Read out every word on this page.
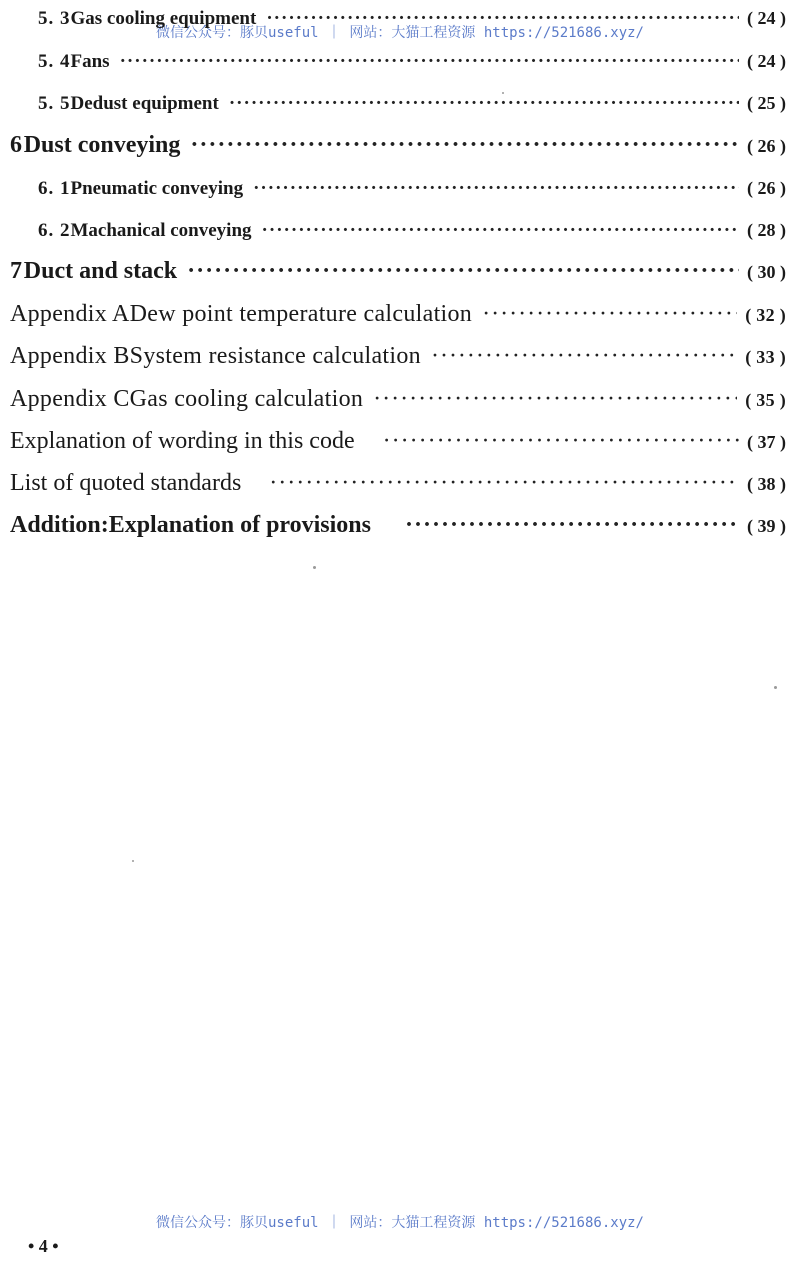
微信公众号：豚贝useful ｜ 网站：大猫工程资源 https://521686.xyz/
5. 3 Gas cooling equipment ·····	( 24 )
5. 4 Fans ·····	( 24 )
5. 5 Dedust equipment ·····	( 25 )
6 Dust conveying ·····	( 26 )
6. 1 Pneumatic conveying ·····	( 26 )
6. 2 Machanical conveying ·····	( 28 )
7 Duct and stack ·····	( 30 )
Appendix A Dew point temperature calculation ·····	( 32 )
Appendix B System resistance calculation ·····	( 33 )
Appendix C Gas cooling calculation ·····	( 35 )
Explanation of wording in this code ·····	( 37 )
List of quoted standards ·····	( 38 )
Addition:Explanation of provisions ·····	( 39 )
微信公众号：豚贝useful ｜ 网站：大猫工程资源 https://521686.xyz/
• 4 •
